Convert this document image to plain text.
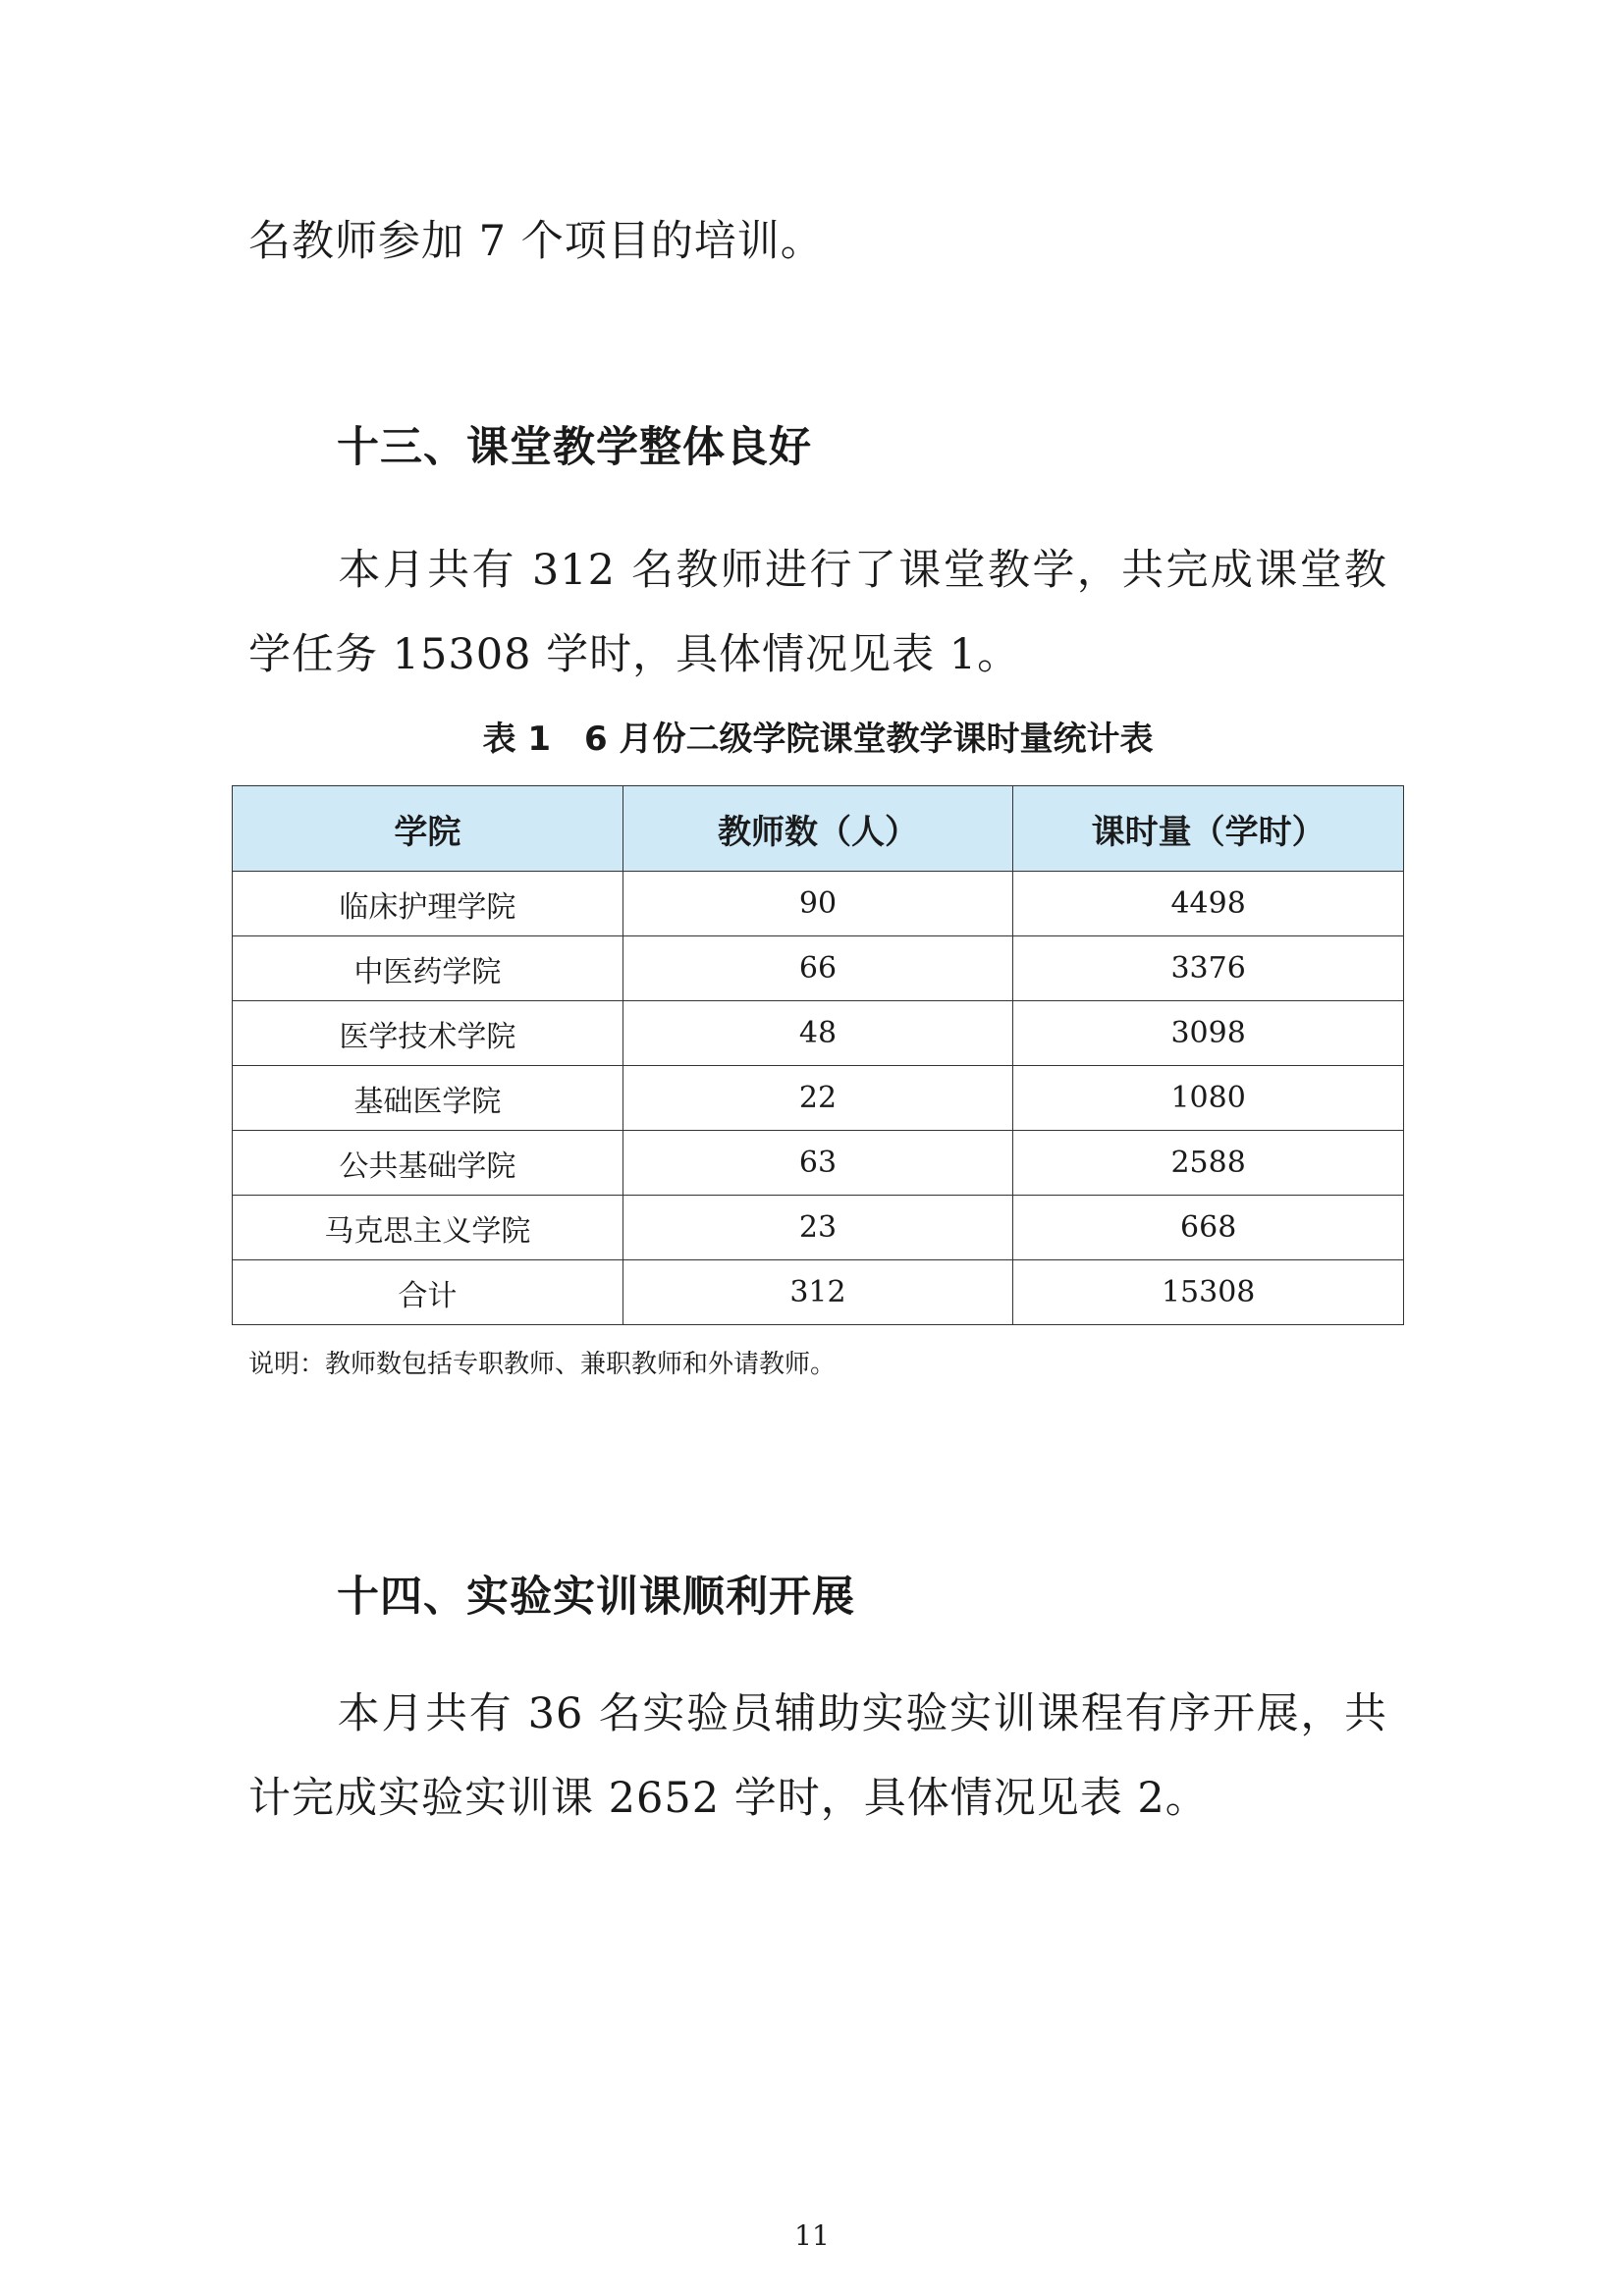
名教师参加 7 个项目的培训。

十三、课堂教学整体良好

本月共有 312 名教师进行了课堂教学，共完成课堂教学任务 15308 学时，具体情况见表 1。

表 1　6 月份二级学院课堂教学课时量统计表

学院	教师数（人）	课时量（学时）
临床护理学院	90	4498
中医药学院	66	3376
医学技术学院	48	3098
基础医学院	22	1080
公共基础学院	63	2588
马克思主义学院	23	668
合计	312	15308

说明：教师数包括专职教师、兼职教师和外请教师。

十四、实验实训课顺利开展

本月共有 36 名实验员辅助实验实训课程有序开展，共计完成实验实训课 2652 学时，具体情况见表 2。

11
